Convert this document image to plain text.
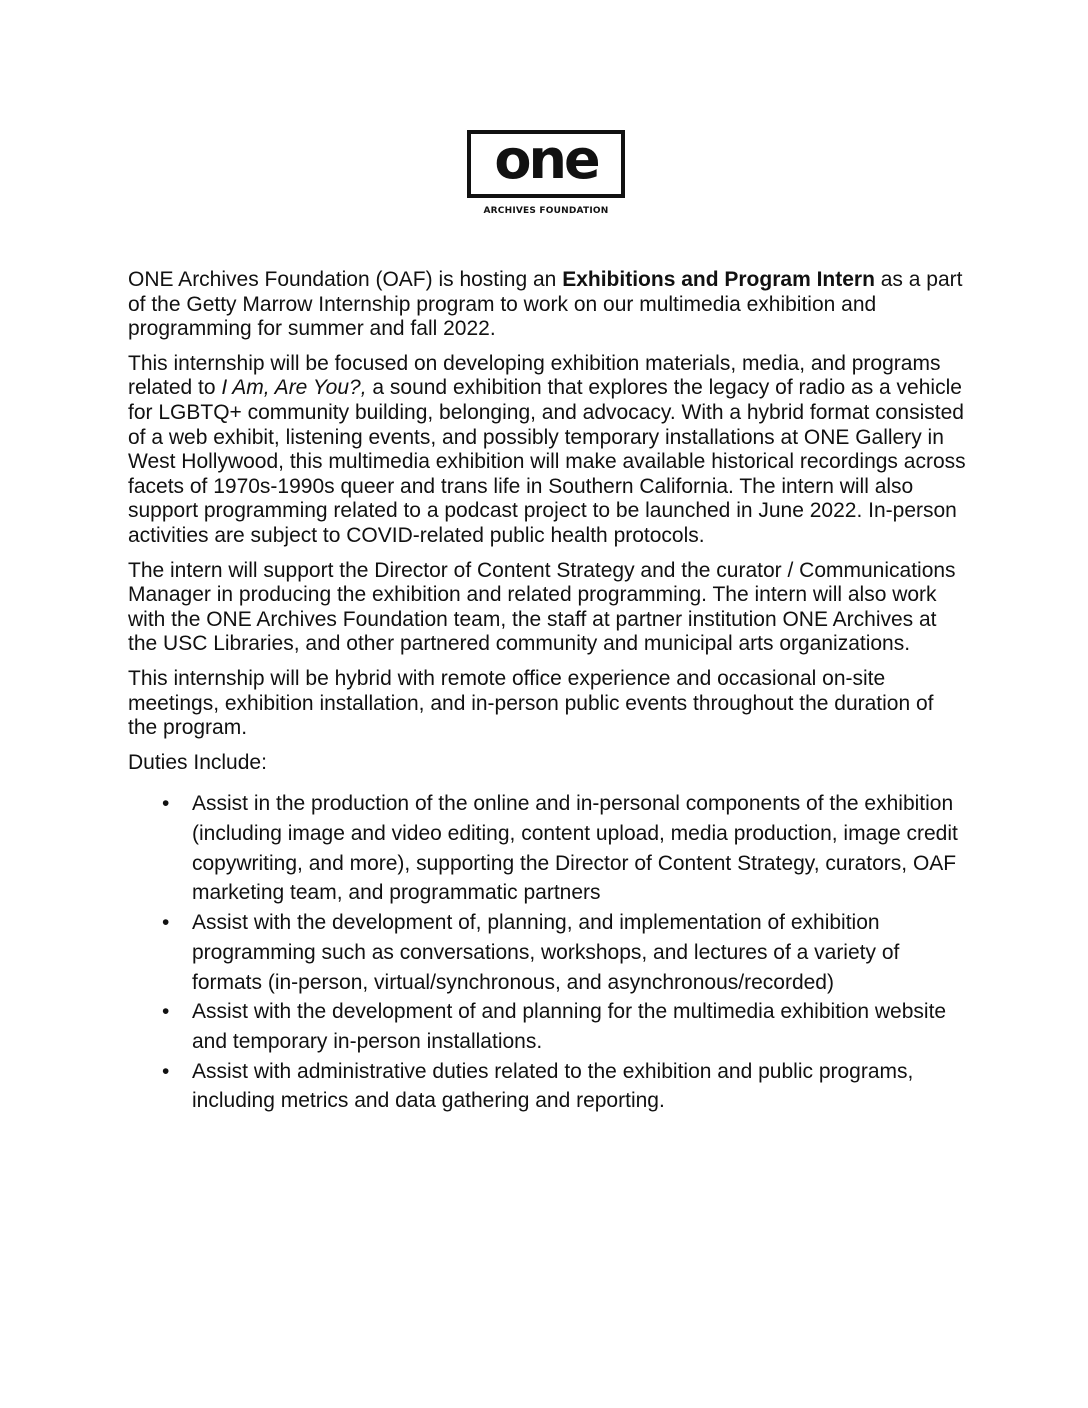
one
ARCHIVES FOUNDATION

ONE Archives Foundation (OAF) is hosting an Exhibitions and Program Intern as a part of the Getty Marrow Internship program to work on our multimedia exhibition and programming for summer and fall 2022.

This internship will be focused on developing exhibition materials, media, and programs related to I Am, Are You?, a sound exhibition that explores the legacy of radio as a vehicle for LGBTQ+ community building, belonging, and advocacy. With a hybrid format consisted of a web exhibit, listening events, and possibly temporary installations at ONE Gallery in West Hollywood, this multimedia exhibition will make available historical recordings across facets of 1970s-1990s queer and trans life in Southern California. The intern will also support programming related to a podcast project to be launched in June 2022. In-person activities are subject to COVID-related public health protocols.

The intern will support the Director of Content Strategy and the curator / Communications Manager in producing the exhibition and related programming. The intern will also work with the ONE Archives Foundation team, the staff at partner institution ONE Archives at the USC Libraries, and other partnered community and municipal arts organizations.

This internship will be hybrid with remote office experience and occasional on-site meetings, exhibition installation, and in-person public events throughout the duration of the program.

Duties Include:

• Assist in the production of the online and in-personal components of the exhibition (including image and video editing, content upload, media production, image credit copywriting, and more), supporting the Director of Content Strategy, curators, OAF marketing team, and programmatic partners
• Assist with the development of, planning, and implementation of exhibition programming such as conversations, workshops, and lectures of a variety of formats (in-person, virtual/synchronous, and asynchronous/recorded)
• Assist with the development of and planning for the multimedia exhibition website and temporary in-person installations.
• Assist with administrative duties related to the exhibition and public programs, including metrics and data gathering and reporting.
